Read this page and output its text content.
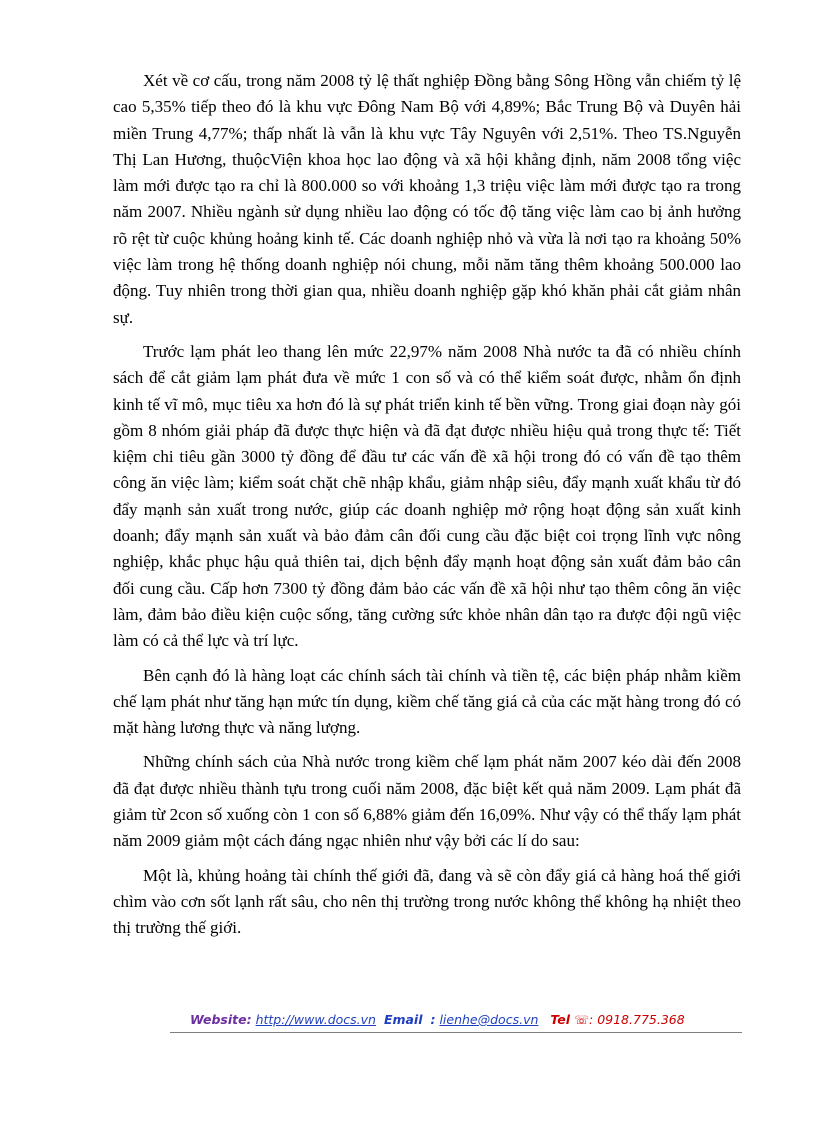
Xét về cơ cấu, trong năm 2008 tỷ lệ thất nghiệp Đồng bằng Sông Hồng vẫn chiếm tỷ lệ cao 5,35% tiếp theo đó là khu vực Đông Nam Bộ với 4,89%; Bắc Trung Bộ và Duyên hải miền Trung 4,77%; thấp nhất là vẫn là khu vực Tây Nguyên với 2,51%. Theo TS.Nguyễn Thị Lan Hương, thuộcViện khoa học lao động và xã hội khẳng định, năm 2008 tổng việc làm mới được tạo ra chỉ là 800.000 so với khoảng 1,3 triệu việc làm mới được tạo ra trong năm 2007. Nhiều ngành sử dụng nhiều lao động có tốc độ tăng việc làm cao bị ảnh hưởng rõ rệt từ cuộc khủng hoảng kinh tế. Các doanh nghiệp nhỏ và vừa là nơi tạo ra khoảng 50% việc làm trong hệ thống doanh nghiệp nói chung, mỗi năm tăng thêm khoảng 500.000 lao động. Tuy nhiên trong thời gian qua, nhiều doanh nghiệp gặp khó khăn phải cắt giảm nhân sự.

Trước lạm phát leo thang lên mức 22,97% năm 2008 Nhà nước ta đã có nhiều chính sách để cắt giảm lạm phát đưa về mức 1 con số và có thể kiểm soát được, nhằm ổn định kinh tế vĩ mô, mục tiêu xa hơn đó là sự phát triển kinh tế bền vững. Trong giai đoạn này gói gồm 8 nhóm giải pháp đã được thực hiện và đã đạt được nhiều hiệu quả trong thực tế: Tiết kiệm chi tiêu gần 3000 tỷ đồng để đầu tư các vấn đề xã hội trong đó có vấn đề tạo thêm công ăn việc làm; kiểm soát chặt chẽ nhập khẩu, giảm nhập siêu, đẩy mạnh xuất khẩu từ đó đẩy mạnh sản xuất trong nước, giúp các doanh nghiệp mở rộng hoạt động sản xuất kinh doanh; đẩy mạnh sản xuất và bảo đảm cân đối cung cầu đặc biệt coi trọng lĩnh vực nông nghiệp, khắc phục hậu quả thiên tai, dịch bệnh đẩy mạnh hoạt động sản xuất đảm bảo cân đối cung cầu. Cấp hơn 7300 tỷ đồng đảm bảo các vấn đề xã hội như tạo thêm công ăn việc làm, đảm bảo điều kiện cuộc sống, tăng cường sức khỏe nhân dân tạo ra được đội ngũ việc làm có cả thể lực và trí lực.

Bên cạnh đó là hàng loạt các chính sách tài chính và tiền tệ, các biện pháp nhằm kiềm chế lạm phát như tăng hạn mức tín dụng, kiềm chế tăng giá cả của các mặt hàng trong đó có mặt hàng lương thực và năng lượng.

Những chính sách của Nhà nước trong kiềm chế lạm phát năm 2007 kéo dài đến 2008 đã đạt được nhiều thành tựu trong cuối năm 2008, đặc biệt kết quả năm 2009. Lạm phát đã giảm từ 2con số xuống còn 1 con số 6,88% giảm đến 16,09%. Như vậy có thể thấy lạm phát năm 2009 giảm một cách đáng ngạc nhiên như vậy bởi các lí do sau:

Một là, khủng hoảng tài chính thế giới đã, đang và sẽ còn đẩy giá cả hàng hoá thế giới chìm vào cơn sốt lạnh rất sâu, cho nên thị trường trong nước không thể không hạ nhiệt theo thị trường thế giới.

Website: http://www.docs.vn Email : lienhe@docs.vn Tel ☏: 0918.775.368
